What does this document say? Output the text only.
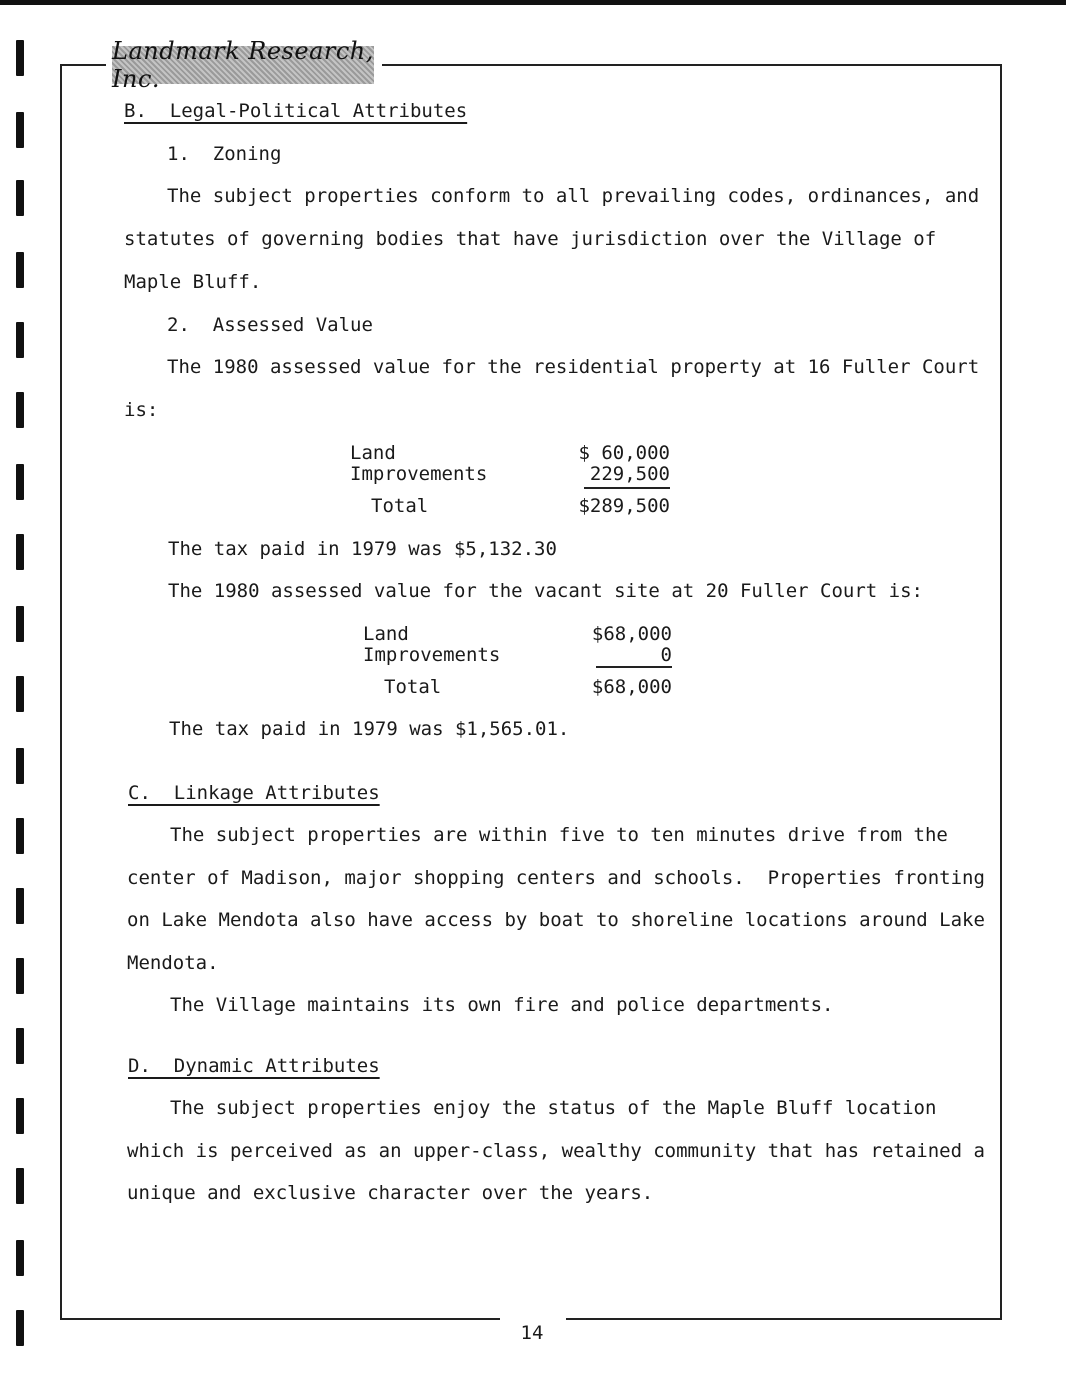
Landmark Research, Inc.
B.  Legal-Political Attributes
1.  Zoning
The subject properties conform to all prevailing codes, ordinances, and
statutes of governing bodies that have jurisdiction over the Village of
Maple Bluff.
2.  Assessed Value
The 1980 assessed value for the residential property at 16 Fuller Court
is:
Land	$ 60,000
Improvements	229,500
Total	$289,500
The tax paid in 1979 was $5,132.30
The 1980 assessed value for the vacant site at 20 Fuller Court is:
Land	$68,000
Improvements	0
Total	$68,000
The tax paid in 1979 was $1,565.01.
C.  Linkage Attributes
The subject properties are within five to ten minutes drive from the
center of Madison, major shopping centers and schools.  Properties fronting
on Lake Mendota also have access by boat to shoreline locations around Lake
Mendota.
The Village maintains its own fire and police departments.
D.  Dynamic Attributes
The subject properties enjoy the status of the Maple Bluff location
which is perceived as an upper-class, wealthy community that has retained a
unique and exclusive character over the years.
14
